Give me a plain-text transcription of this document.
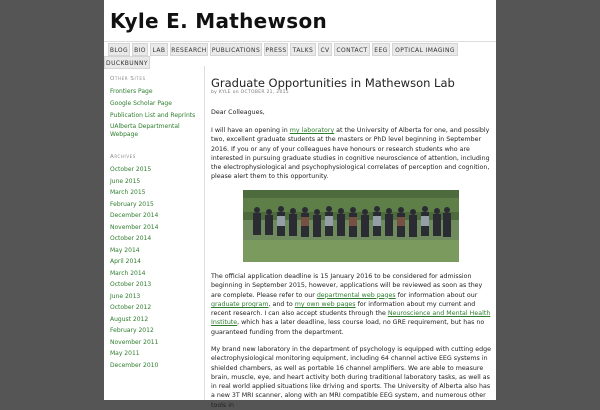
Kyle E. Mathewson
BLOG BIO	LAB RESEARCH PUBLICATIONS PRESS	TALKS	CV	CONTACT	EEG	OPTICAL IMAGING
DUCKBUNNY
Other Sites
Frontiers Page
Google Scholar Page
Publication List and Reprints
UAlberta Departmental
Webpage
Archives
October 2015
June 2015
March 2015
February 2015
December 2014
November 2014
October 2014
May 2014
April 2014
March 2014
October 2013
June 2013
October 2012
August 2012
February 2012
November 2011
May 2011
December 2010
Graduate Opportunities in Mathewson Lab
by KYLE on OCTOBER 21, 2015
Dear Colleagues,
I will have an opening in my laboratory at the University of Alberta for one, and possibly two, excellent graduate students at the masters or PhD level beginning in September 2016. If you or any of your colleagues have honours or research students who are interested in pursuing graduate studies in cognitive neuroscience of attention, including the electrophysiological and psychophysiological correlates of perception and cognition, please alert them to this opportunity.
The official application deadline is 15 January 2016 to be considered for admission beginning in September 2015, however, applications will be reviewed as soon as they are complete. Please refer to our departmental web pages for information about our graduate program, and to my own web pages for information about my current and recent research. I can also accept students through the Neuroscience and Mental Health Institute, which has a later deadline, less course load, no GRE requirement, but has no guaranteed funding from the department.
My brand new laboratory in the department of psychology is equipped with cutting edge electrophysiological monitoring equipment, including 64 channel active EEG systems in shielded chambers, as well as portable 16 channel amplifiers. We are able to measure brain, muscle, eye, and heart activity both during traditional laboratory tasks, as well as in real world applied situations like driving and sports. The University of Alberta also has a new 3T MRI scanner, along with an MRI compatible EEG system, and numerous other tools in
